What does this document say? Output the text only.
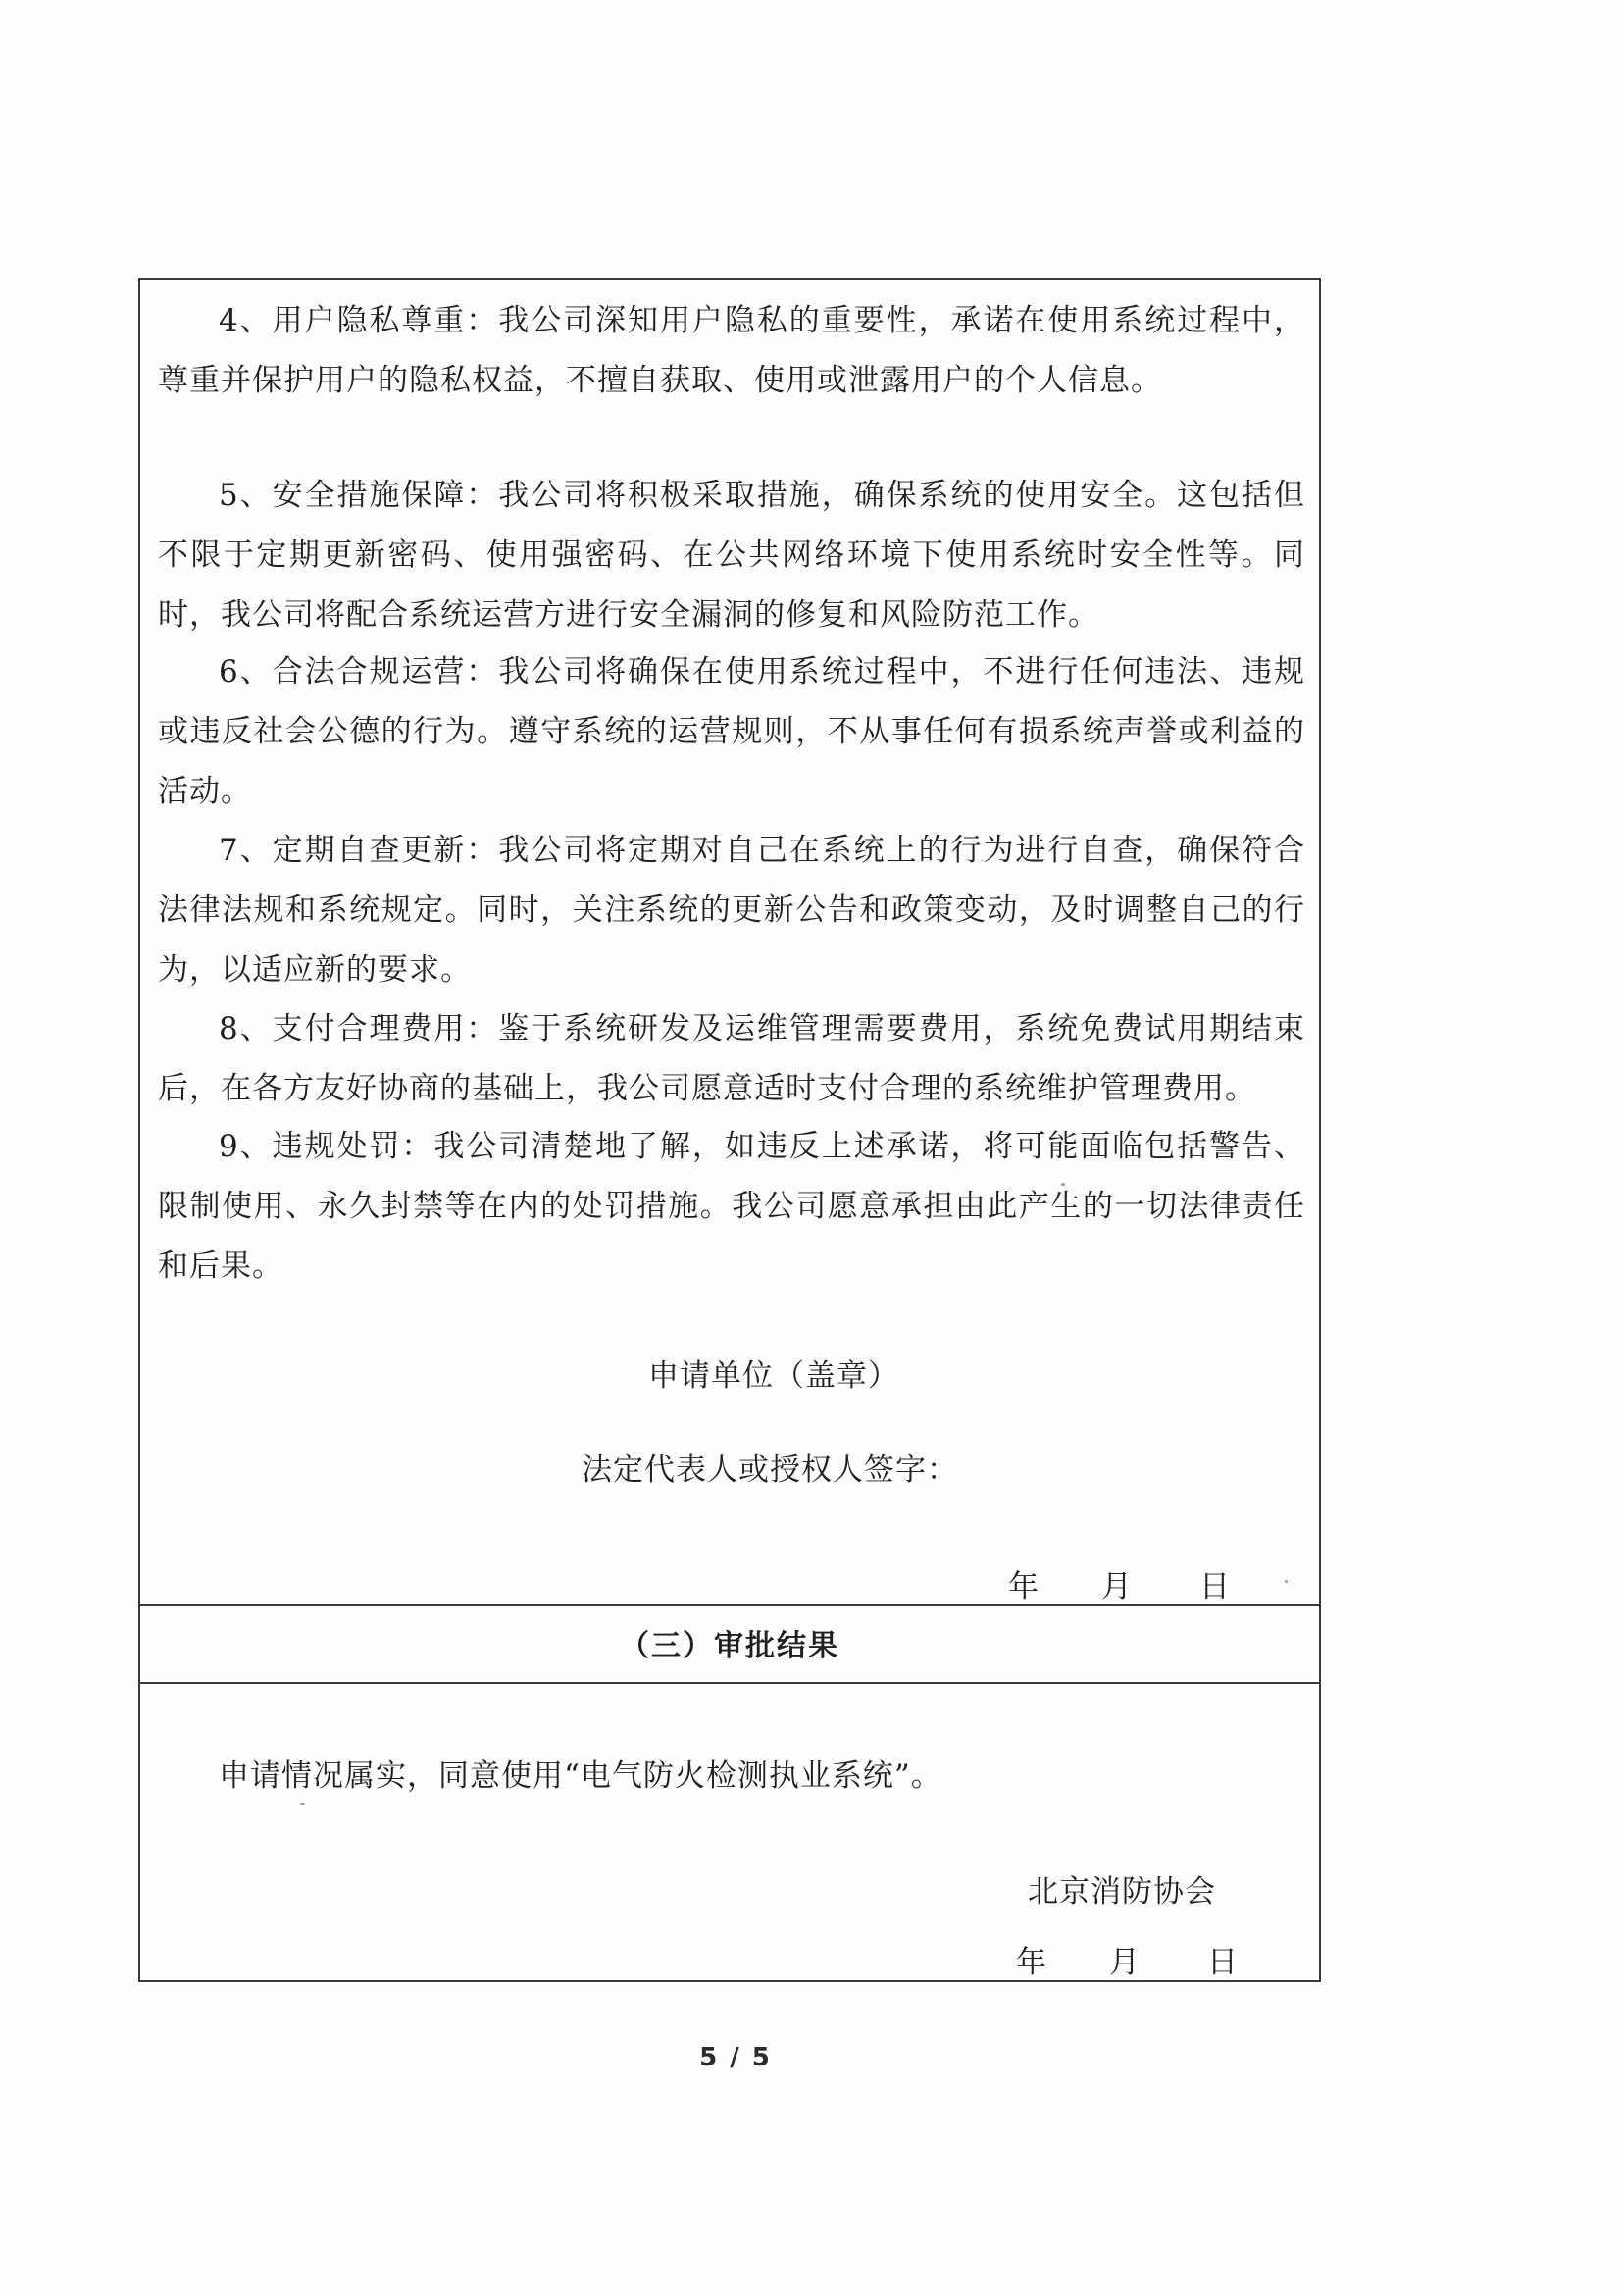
4、用户隐私尊重：我公司深知用户隐私的重要性，承诺在使用系统过程中，尊重并保护用户的隐私权益，不擅自获取、使用或泄露用户的个人信息。

5、安全措施保障：我公司将积极采取措施，确保系统的使用安全。这包括但不限于定期更新密码、使用强密码、在公共网络环境下使用系统时安全性等。同时，我公司将配合系统运营方进行安全漏洞的修复和风险防范工作。

6、合法合规运营：我公司将确保在使用系统过程中，不进行任何违法、违规或违反社会公德的行为。遵守系统的运营规则，不从事任何有损系统声誉或利益的活动。

7、定期自查更新：我公司将定期对自己在系统上的行为进行自查，确保符合法律法规和系统规定。同时，关注系统的更新公告和政策变动，及时调整自己的行为，以适应新的要求。

8、支付合理费用：鉴于系统研发及运维管理需要费用，系统免费试用期结束后，在各方友好协商的基础上，我公司愿意适时支付合理的系统维护管理费用。

9、违规处罚：我公司清楚地了解，如违反上述承诺，将可能面临包括警告、限制使用、永久封禁等在内的处罚措施。我公司愿意承担由此产生的一切法律责任和后果。

申请单位（盖章）
法定代表人或授权人签字：
年 月 日
（三）审批结果
申请情况属实，同意使用“电气防火检测执业系统”。
北京消防协会
年 月 日
5 / 5
